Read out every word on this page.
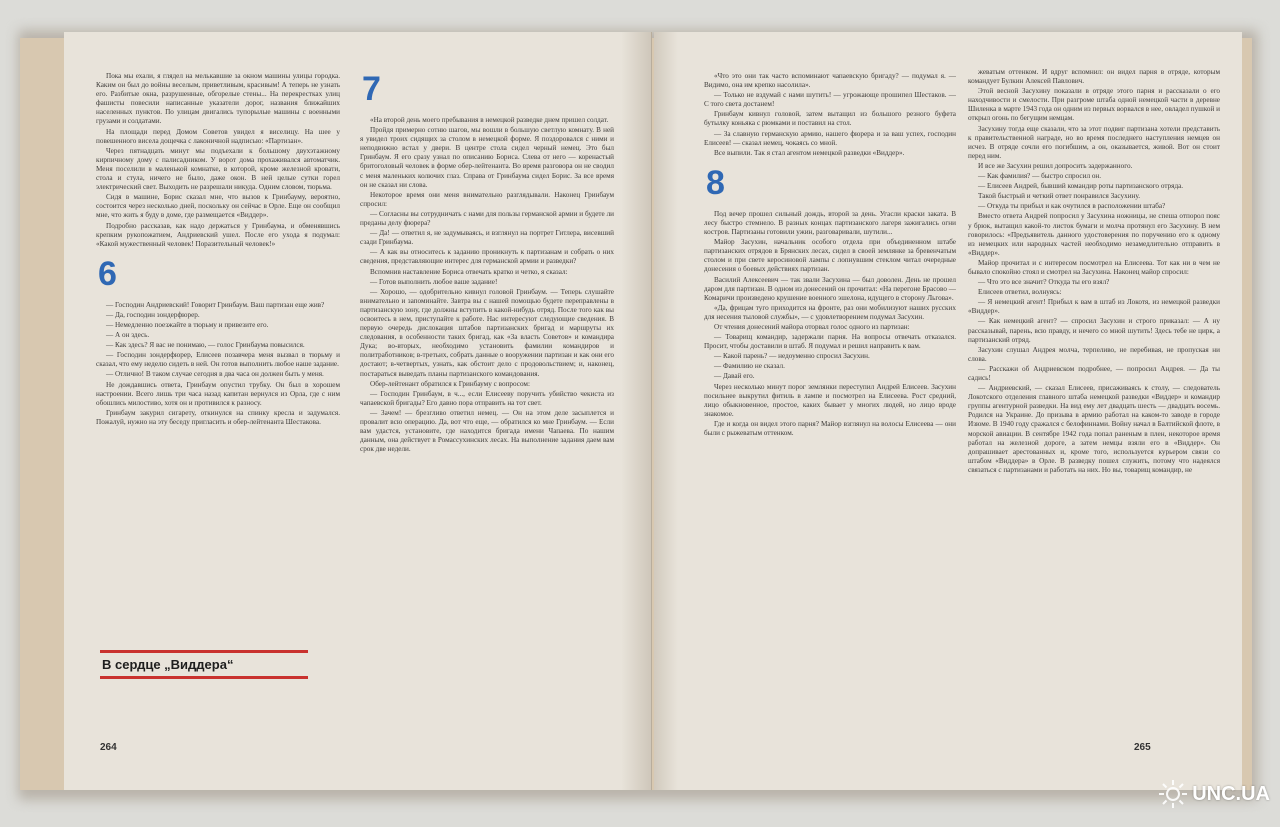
Пока мы ехали, я глядел на мелькавшие за окном машины улицы городка. Каким он был до войны веселым, приветливым, красивым! А теперь не узнать его. Разбитые окна, разрушенные, обгорелые стены... На перекрестках улиц фашисты повесили написанные указатели дорог, названия ближайших населенных пунктов. По улицам двигались тупорылые машины с военными грузами и солдатами.

На площади перед Домом Советов увидел я виселицу. На шее у повешенного висела дощечка с лаконичной надписью: «Партизан».

Через пятнадцать минут мы подъехали к большому двухэтажному кирпичному дому с палисадником. У ворот дома прохаживался автоматчик. Меня поселили в маленькой комнатке, в которой, кроме железной кровати, стола и стула, ничего не было, даже окон. В ней целые сутки горел электрический свет. Выходить не разрешали никуда. Одним словом, тюрьма.

Сидя в машине, Борис сказал мне, что вызов к Гринбауму, вероятно, состоится через несколько дней, поскольку он сейчас в Орле. Еще он сообщил мне, что жить я буду в доме, где размещается «Виддер».

Подробно рассказав, как надо держаться у Гринбаума, и обменявшись крепким рукопожатием, Андриевский ушел. После его ухода я подумал: «Какой мужественный человек! Поразительный человек!»

6

— Господин Андриевский! Говорит Гринбаум. Ваш партизан еще жив?

— Да, господин зондерфюрер.

— Немедленно поезжайте в тюрьму и привезите его.

— А он здесь.

— Как здесь? Я вас не понимаю, — голос Гринбаума повысился.

— Господин зондерфюрер, Елисеев позавчера меня вызвал в тюрьму и сказал, что ему неделю сидеть в ней. Он готов выполнить любое наше задание.

— Отлично! В таком случае сегодня в два часа он должен быть у меня.

Не дождавшись ответа, Гринбаум опустил трубку. Он был в хорошем настроении. Всего лишь три часа назад капитан вернулся из Орла, где с ним обошлись милостиво, хотя он и противился к разносу.

Гринбаум закурил сигарету, откинулся на спинку кресла и задумался. Пожалуй, нужно на эту беседу пригласить и обер-лейтенанта Шестакова.

7

«На второй день моего пребывания в немецкой разведке днем пришел солдат.

Пройдя примерно сотню шагов, мы вошли в большую светлую комнату. В ней я увидел троих сидящих за столом в немецкой форме. Я поздоровался с ними и неподвижно встал у двери. В центре стола сидел черный немец. Это был Гринбаум. Я его сразу узнал по описанию Бориса. Слева от него — коренастый бритоголовый человек в форме обер-лейтенанта. Во время разговора он не сводил с меня маленьких колючих глаз. Справа от Гринбаума сидел Борис. За все время он не сказал ни слова.

Некоторое время они меня внимательно разглядывали. Наконец Гринбаум спросил:

— Согласны вы сотрудничать с нами для пользы германской армии и будете ли преданы делу фюрера?

— Да! — ответил я, не задумываясь, и взглянул на портрет Гитлера, висевший сзади Гринбаума.

— А как вы относитесь к заданию проникнуть к партизанам и собрать о них сведения, представляющие интерес для германской армии и разведки?

Вспомнив наставление Бориса отвечать кратко и четко, я сказал:

— Готов выполнить любое ваше задание!

— Хорошо, — одобрительно кивнул головой Гринбаум. — Теперь слушайте внимательно и запоминайте. Завтра вы с нашей помощью будете переправлены в партизанскую зону, где должны вступить в какой-нибудь отряд. После того как вы освоитесь в нем, приступайте к работе. Нас интересуют следующие сведения. В первую очередь дислокация штабов партизанских бригад и маршруты их следования, в особенности таких бригад, как «За власть Советов» и командира Дука; во-вторых, необходимо установить фамилии командиров и политработников; в-третьих, собрать данные о вооружении партизан и как они его достают; в-четвертых, узнать, как обстоит дело с продовольствием; и, наконец, постараться выведать планы партизанского командования.

Обер-лейтенант обратился к Гринбауму с вопросом:

— Господин Гринбаум, в ч..., если Елисееву поручить убийство чекиста из чапаевской бригады? Его давно пора отправить на тот свет.

— Зачем! — брезгливо ответил немец. — Он на этом деле засыплется и провалит всю операцию. Да, вот что еще, — обратился ко мне Гринбаум. — Если вам удастся, установите, где находится бригада имени Чапаева. По нашим данным, она действует в Ромассухинских лесах. На выполнение задания даем вам срок две недели.

В сердце „Виддера“
264

«Что это они так часто вспоминают чапаевскую бригаду? — подумал я. — Видимо, она им крепко насолила».

— Только не вздумай с нами шутить! — угрожающе прошипел Шестаков. — С того света достанем!

Гринбаум кивнул головой, затем вытащил из большого резного буфета бутылку коньяка с рюмками и поставил на стол.

— За славную германскую армию, нашего фюрера и за ваш успех, господин Елисеев! — сказал немец, чокаясь со мной.

Все выпили. Так я стал агентом немецкой разведки «Виддер».

8

Под вечер прошел сильный дождь, второй за день. Угасли краски заката. В лесу быстро стемнело. В разных концах партизанского лагеря зажигались огни костров. Партизаны готовили ужин, разговаривали, шутили...

Майор Засухин, начальник особого отдела при объединенном штабе партизанских отрядов в Брянских лесах, сидел в своей землянке за бревенчатым столом и при свете керосиновой лампы с лопнувшим стеклом читал очередные донесения о боевых действиях партизан.

Василий Алексеевич — так звали Засухина — был доволен. День не прошел даром для партизан. В одном из донесений он прочитал: «На перегоне Брасово — Комаричи произведено крушение военного эшелона, идущего в сторону Льгова».

«Да, фрицам туго приходится на фронте, раз они мобилизуют наших русских для несения тыловой службы», — с удовлетворением подумал Засухин.

От чтения донесений майора оторвал голос одного из партизан:

— Товарищ командир, задержали парня. На вопросы отвечать отказался. Просит, чтобы доставили в штаб. Я подумал и решил направить к вам.

— Какой парень? — недоуменно спросил Засухин.

— Фамилию не сказал.

— Давай его.

Через несколько минут порог землянки переступил Андрей Елисеев. Засухин посильнее выкрутил фитиль в лампе и посмотрел на Елисеева. Рост средний, лицо обыкновенное, простое, каких бывает у многих людей, но лицо вроде знакомое.

Где и когда он видел этого парня? Майор взглянул на волосы Елисеева — они были с рыжеватым оттенком.

жеватым оттенком. И вдруг вспомнил: он видел парня в отряде, которым командует Булкин Алексей Павлович.

Этой весной Засухину показали в отряде этого парня и рассказали о его находчивости и смелости. При разгроме штаба одной немецкой части в деревне Шиленка в марте 1943 года он одним из первых ворвался в нее, овладел пушкой и открыл огонь по бегущим немцам.

Засухину тогда еще сказали, что за этот подвиг партизана хотели представить к правительственной награде, но во время последнего наступления немцев он исчез. В отряде сочли его погибшим, а он, оказывается, живой. Вот он стоит перед ним.

И все же Засухин решил допросить задержанного.

— Как фамилия? — быстро спросил он.

— Елисеев Андрей, бывший командир роты партизанского отряда.

Такой быстрый и четкий ответ понравился Засухину.

— Откуда ты прибыл и как очутился в расположении штаба?

Вместо ответа Андрей попросил у Засухина ножницы, не спеша отпорол пояс у брюк, вытащил какой-то листок бумаги и молча протянул его Засухину. В нем говорилось: «Предъявитель данного удостоверения по поручению его к одному из немецких или народных частей необходимо незамедлительно отправить в «Виддер».

Майор прочитал и с интересом посмотрел на Елисеева. Тот как ни в чем не бывало спокойно стоял и смотрел на Засухина. Наконец майор спросил:

— Что это все значит? Откуда ты его взял?

Елисеев ответил, волнуясь:

— Я немецкий агент! Прибыл к вам в штаб из Локотя, из немецкой разведки «Виддер».

— Как немецкий агент? — спросил Засухин и строго приказал: — А ну рассказывай, парень, всю правду, и нечего со мной шутить! Здесь тебе не цирк, а партизанский отряд.

Засухин слушал Андрея молча, терпеливо, не перебивая, не пропуская ни слова.

— Расскажи об Андриевском подробнее, — попросил Андрея. — Да ты садись!

— Андриевский, — сказал Елисеев, присаживаясь к столу, — следователь Локотского отделения главного штаба немецкой разведки «Виддер» и командир группы агентурной разведки. На вид ему лет двадцать шесть — двадцать восемь. Родился на Украине. До призыва в армию работал на каком-то заводе в городе Изюме. В 1940 году сражался с белофиннами. Войну начал в Балтийской флоте, в морской авиации. В сентябре 1942 года попал раненым в плен, некоторое время работал на железной дороге, а затем немцы взяли его в «Виддер». Он допрашивает арестованных и, кроме того, используется курьером связи со штабом «Виддера» в Орле. В разведку пошел служить, потому что надеялся связаться с партизанами и работать на них. Но вы, товарищ командир, не

265
UNC.UA
